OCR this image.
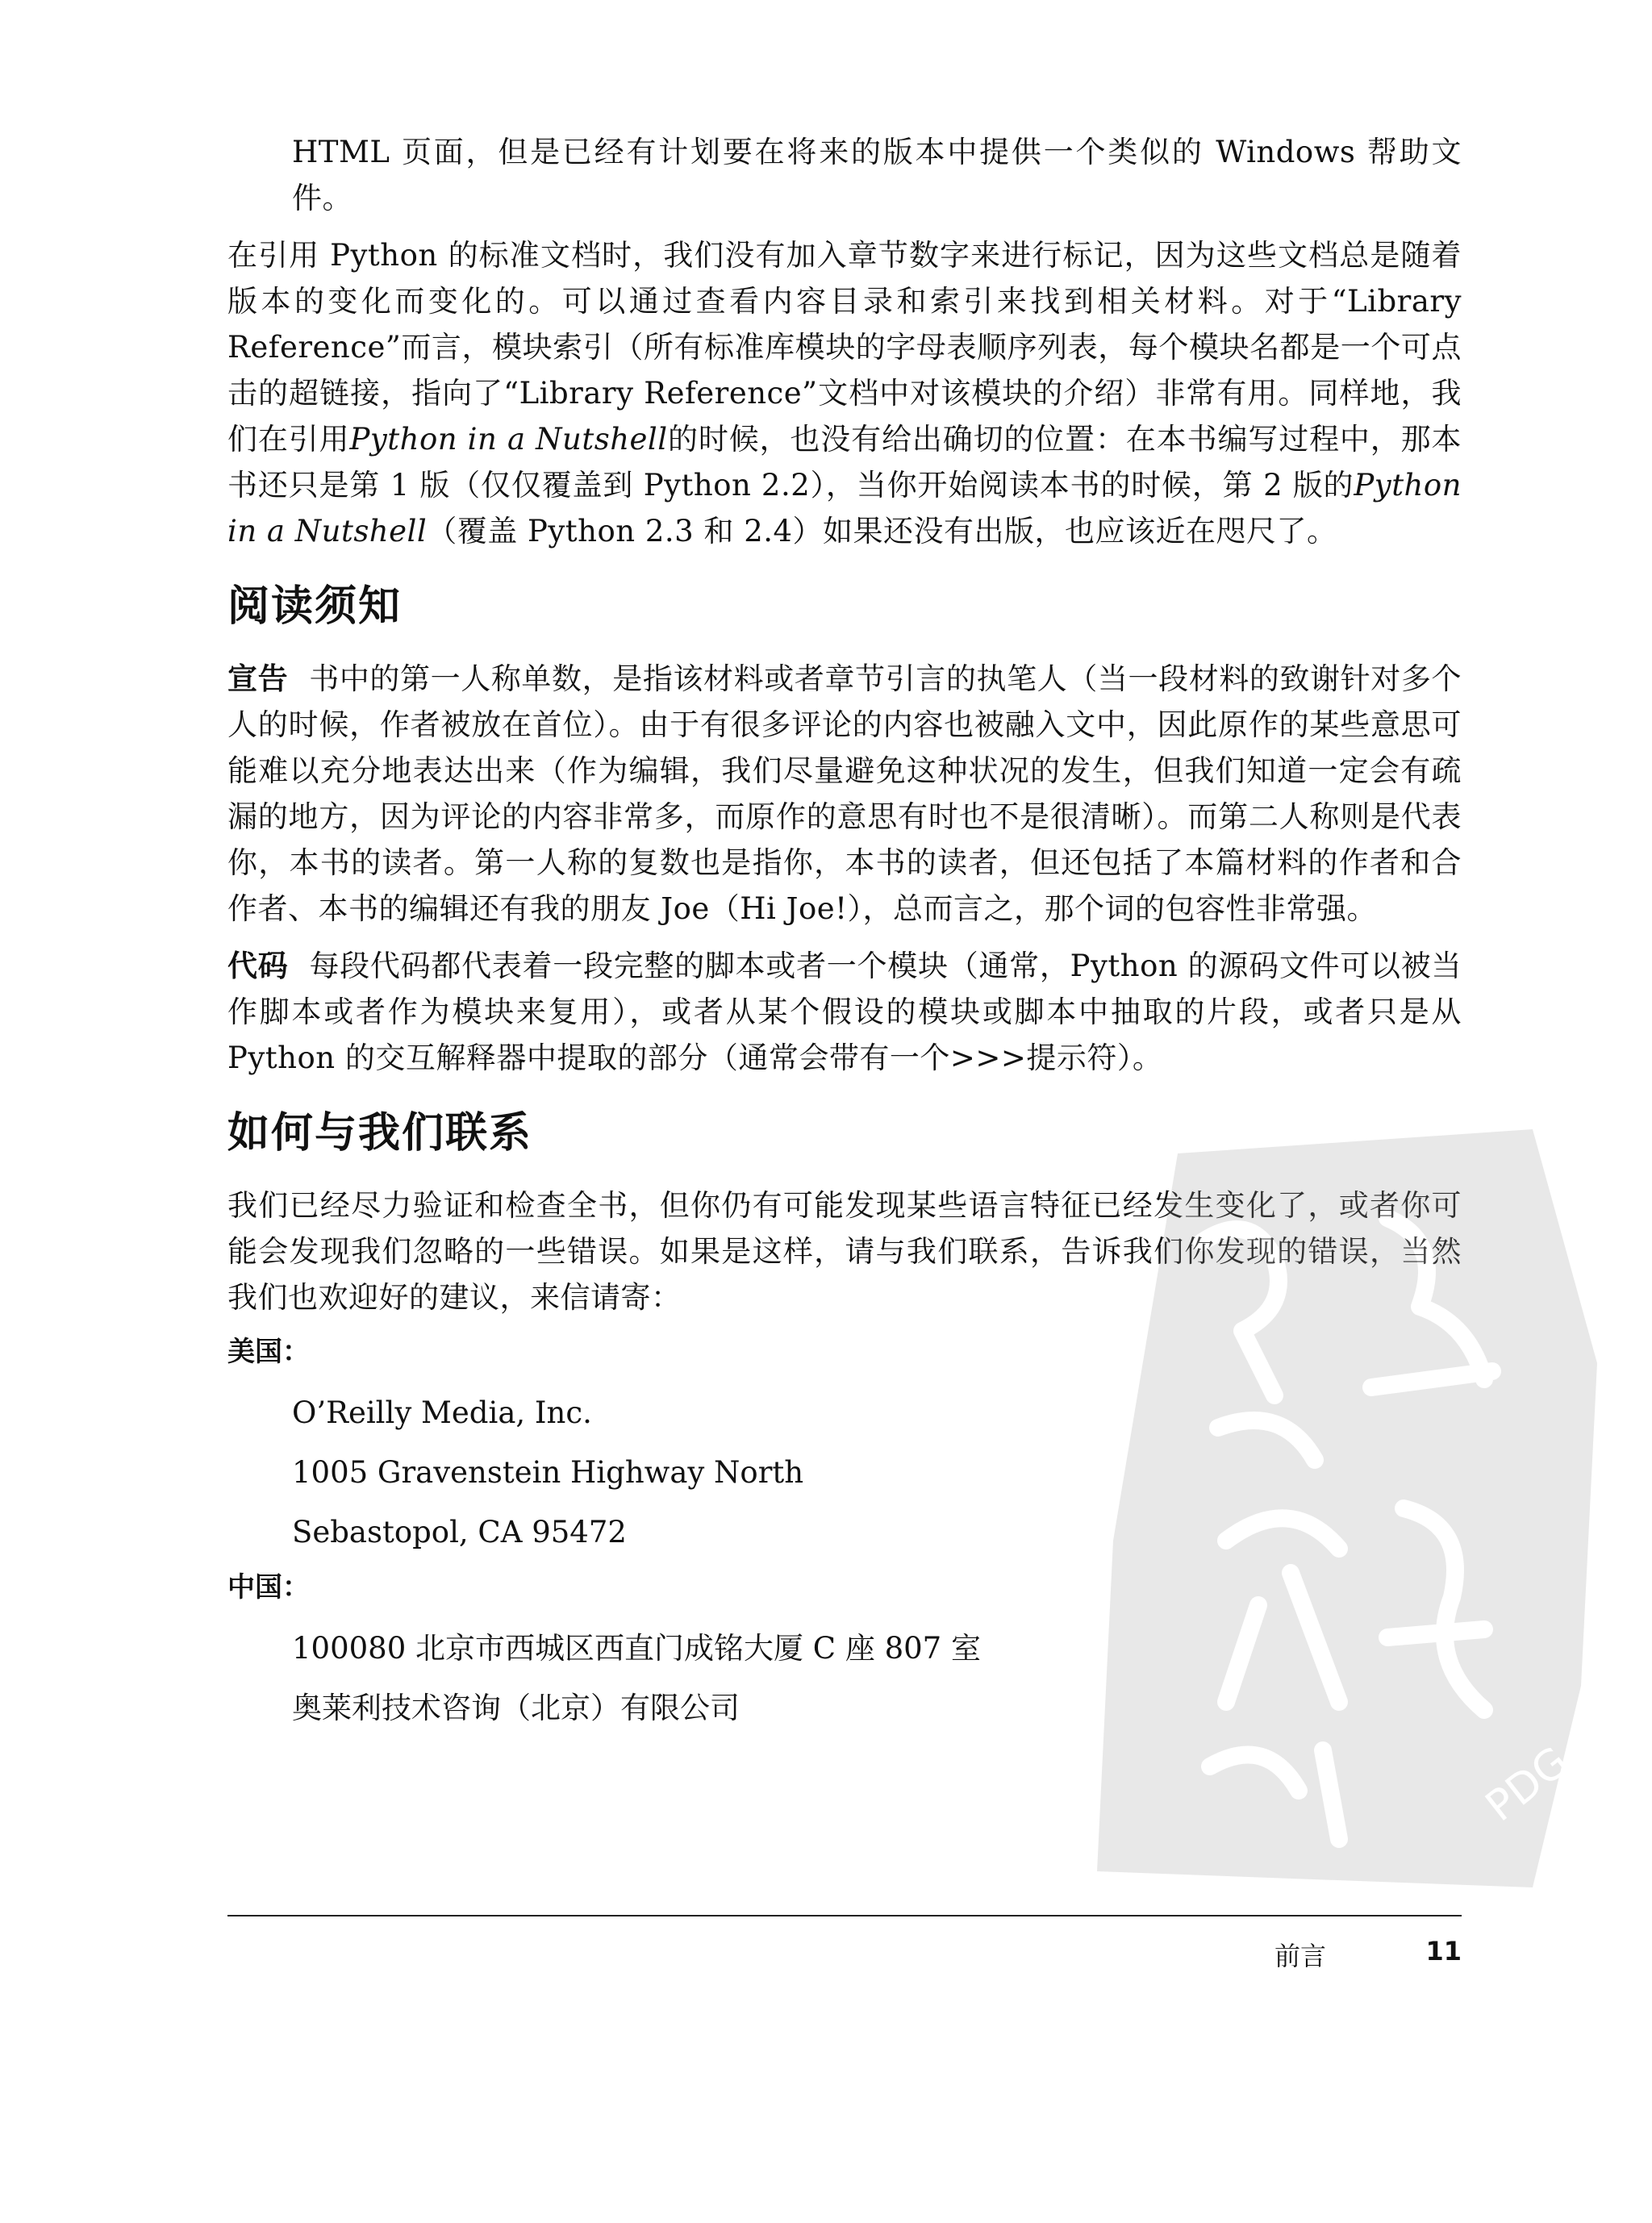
HTML 页面，但是已经有计划要在将来的版本中提供一个类似的 Windows 帮助文件。

在引用 Python 的标准文档时，我们没有加入章节数字来进行标记，因为这些文档总是随着版本的变化而变化的。可以通过查看内容目录和索引来找到相关材料。对于“Library Reference”而言，模块索引（所有标准库模块的字母表顺序列表，每个模块名都是一个可点击的超链接，指向了“Library Reference”文档中对该模块的介绍）非常有用。同样地，我们在引用Python in a Nutshell的时候，也没有给出确切的位置：在本书编写过程中，那本书还只是第 1 版（仅仅覆盖到 Python 2.2），当你开始阅读本书的时候，第 2 版的Python in a Nutshell（覆盖 Python 2.3 和 2.4）如果还没有出版，也应该近在咫尺了。

阅读须知

宣告 书中的第一人称单数，是指该材料或者章节引言的执笔人（当一段材料的致谢针对多个人的时候，作者被放在首位）。由于有很多评论的内容也被融入文中，因此原作的某些意思可能难以充分地表达出来（作为编辑，我们尽量避免这种状况的发生，但我们知道一定会有疏漏的地方，因为评论的内容非常多，而原作的意思有时也不是很清晰）。而第二人称则是代表你，本书的读者。第一人称的复数也是指你，本书的读者，但还包括了本篇材料的作者和合作者、本书的编辑还有我的朋友 Joe（Hi Joe!），总而言之，那个词的包容性非常强。

代码 每段代码都代表着一段完整的脚本或者一个模块（通常，Python 的源码文件可以被当作脚本或者作为模块来复用），或者从某个假设的模块或脚本中抽取的片段，或者只是从 Python 的交互解释器中提取的部分（通常会带有一个>>>提示符）。

如何与我们联系

我们已经尽力验证和检查全书，但你仍有可能发现某些语言特征已经发生变化了，或者你可能会发现我们忽略的一些错误。如果是这样，请与我们联系，告诉我们你发现的错误，当然我们也欢迎好的建议，来信请寄：

美国：
O’Reilly Media, Inc.
1005 Gravenstein Highway North
Sebastopol, CA 95472
中国：
100080 北京市西城区西直门成铭大厦 C 座 807 室
奥莱利技术咨询（北京）有限公司
PDG
前言	11
